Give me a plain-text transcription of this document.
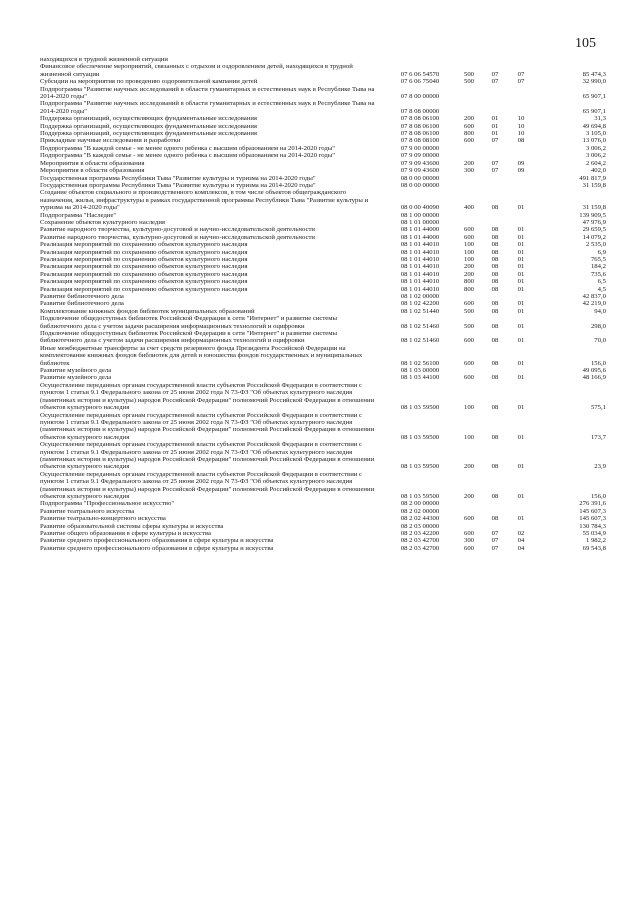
105
находящихся в трудной жизненной ситуации
Финансовое обеспечение мероприятий, связанных с отдыхом и оздоровлением детей, находящихся в трудной жизненной ситуации	07 6 06 54570	500	07	07	85 474,3
Субсидии на мероприятия по проведению оздоровительной кампании детей	07 6 06 75040	500	07	07	32 990,0
Подпрограмма "Развитие научных исследований в области гуманитарных и естественных наук в Республике Тыва на 2014-2020 годы"	07 8 00 00000	65 907,1
Подпрограмма "Развитие научных исследований в области гуманитарных и естественных наук в Республике Тыва на 2014-2020 годы"	07 8 08 00000	65 907,1
Поддержка организаций, осуществляющих фундаментальные исследования	07 8 08 06100	200	01	10	31,3
Поддержка организаций, осуществляющих фундаментальные исследования	07 8 08 06100	600	01	10	49 694,8
Поддержка организаций, осуществляющих фундаментальные исследования	07 8 08 06100	800	01	10	3 105,0
Прикладные научные исследования и разработки	07 8 08 08100	600	07	08	13 076,0
Подпрограмма "В каждой семье - не менее одного ребенка с высшим образованием на 2014-2020 годы"	07 9 00 00000	3 006,2
Подпрограмма "В каждой семье - не менее одного ребенка с высшим образованием на 2014-2020 годы"	07 9 09 00000	3 006,2
Мероприятия в области образования	07 9 09 43600	200	07	09	2 604,2
Мероприятия в области образования	07 9 09 43600	300	07	09	402,0
Государственная программа Республики Тыва "Развитие культуры и туризма на 2014-2020 годы"	08 0 00 00000	491 817,9
Государственная программа Республики Тыва "Развитие культуры и туризма на 2014-2020 годы"	08 0 00 00000	31 159,8
Создание объектов социального и производственного комплексов, в том числе объектов общегражданского назначения, жилья, инфраструктуры в рамках государственной программы Республики Тыва "Развитие культуры и туризма на 2014-2020 годы"	08 0 00 40090	400	08	01	31 159,8
Подпрограмма "Наследие"	08 1 00 00000	139 909,5
Сохранение объектов культурного наследия	08 1 01 00000	47 976,9
Развитие народного творчества, культурно-досуговой и научно-исследовательской деятельности	08 1 01 44000	600	08	01	29 659,5
Развитие народного творчества, культурно-досуговой и научно-исследовательской деятельности	08 1 01 44000	600	08	01	14 079,2
Реализация мероприятий по сохранению объектов культурного наследия	08 1 01 44010	100	08	01	2 535,0
Реализация мероприятий по сохранению объектов культурного наследия	08 1 01 44010	100	08	01	6,9
Реализация мероприятий по сохранению объектов культурного наследия	08 1 01 44010	100	08	01	765,5
Реализация мероприятий по сохранению объектов культурного наследия	08 1 01 44010	200	08	01	184,2
Реализация мероприятий по сохранению объектов культурного наследия	08 1 01 44010	200	08	01	735,6
Реализация мероприятий по сохранению объектов культурного наследия	08 1 01 44010	800	08	01	6,5
Реализация мероприятий по сохранению объектов культурного наследия	08 1 01 44010	800	08	01	4,5
Развитие библиотечного дела	08 1 02 00000	42 837,0
Развитие библиотечного дела	08 1 02 42200	600	08	01	42 219,0
Комплектование книжных фондов библиотек муниципальных образований	08 1 02 51440	500	08	01	94,0
Подключение общедоступных библиотек Российской Федерации к сети "Интернет" и развитие системы библиотечного дела с учетом задачи расширения информационных технологий и оцифровки	08 1 02 51460	500	08	01	298,0
Подключение общедоступных библиотек Российской Федерации к сети "Интернет" и развитие системы библиотечного дела с учетом задачи расширения информационных технологий и оцифровки	08 1 02 51460	600	08	01	70,0
Иные межбюджетные трансферты за счет средств резервного фонда Президента Российской Федерации на комплектование книжных фондов библиотек для детей и юношества фондов государственных и муниципальных библиотек	08 1 02 56100	600	08	01	156,0
Развитие музейного дела	08 1 03 00000	49 095,6
Развитие музейного дела	08 1 03 44100	600	08	01	48 166,9
Осуществление переданных органам государственной власти субъектов Российской Федерации в соответствии с пунктом 1 статьи 9.1 Федерального закона от 25 июня 2002 года N 73-ФЗ "Об объектах культурного наследия (памятниках истории и культуры) народов Российской Федерации" полномочий Российской Федерации в отношении объектов культурного наследия	08 1 03 59500	100	08	01	575,1
Осуществление переданных органам государственной власти субъектов Российской Федерации в соответствии с пунктом 1 статьи 9.1 Федерального закона от 25 июня 2002 года N 73-ФЗ "Об объектах культурного наследия (памятниках истории и культуры) народов Российской Федерации" полномочий Российской Федерации в отношении объектов культурного наследия	08 1 03 59500	100	08	01	173,7
Осуществление переданных органам государственной власти субъектов Российской Федерации в соответствии с пунктом 1 статьи 9.1 Федерального закона от 25 июня 2002 года N 73-ФЗ "Об объектах культурного наследия (памятниках истории и культуры) народов Российской Федерации" полномочий Российской Федерации в отношении объектов культурного наследия	08 1 03 59500	200	08	01	23,9
Осуществление переданных органам государственной власти субъектов Российской Федерации в соответствии с пунктом 1 статьи 9.1 Федерального закона от 25 июня 2002 года N 73-ФЗ "Об объектах культурного наследия (памятниках истории и культуры) народов Российской Федерации" полномочий Российской Федерации в отношении объектов культурного наследия	08 1 03 59500	200	08	01	156,0
Подпрограмма "Профессиональное искусство"	08 2 00 00000	276 391,6
Развитие театрального искусства	08 2 02 00000	145 607,3
Развитие театрально-концертного искусства	08 2 02 44300	600	08	01	145 607,3
Развитие образовательной системы сферы культуры и искусства	08 2 03 00000	130 784,3
Развитие общего образования в сфере культуры и искусства	08 2 03 42200	600	07	02	55 034,9
Развитие среднего профессионального образования в сфере культуры и искусства	08 2 03 42700	300	07	04	1 982,2
Развитие среднего профессионального образования в сфере культуры и искусства	08 2 03 42700	600	07	04	69 543,8
